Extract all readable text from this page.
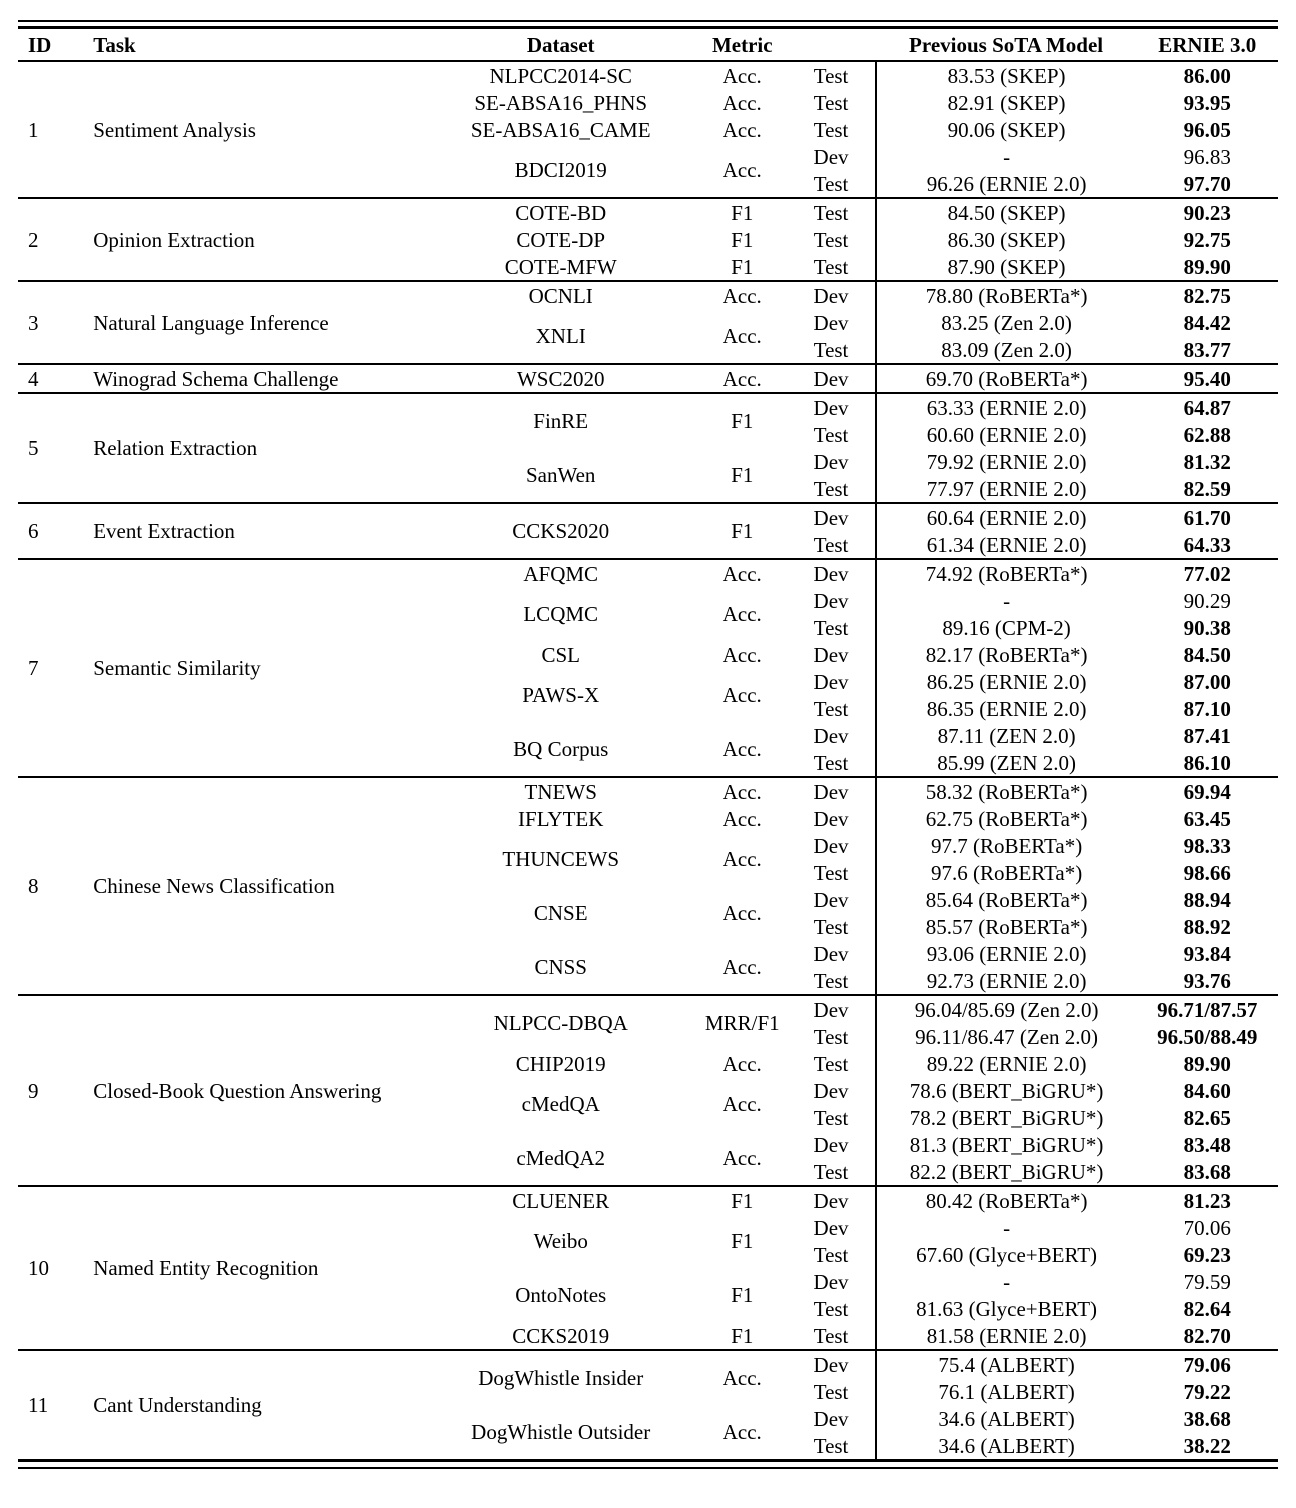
ID	Task	Dataset	Metric		Previous SoTA Model	ERNIE 3.0
1	Sentiment Analysis	NLPCC2014-SC	Acc.	Test	83.53 (SKEP)	86.00
		SE-ABSA16_PHNS	Acc.	Test	82.91 (SKEP)	93.95
		SE-ABSA16_CAME	Acc.	Test	90.06 (SKEP)	96.05
		BDCI2019	Acc.	Dev	-	96.83
				Test	96.26 (ERNIE 2.0)	97.70
2	Opinion Extraction	COTE-BD	F1	Test	84.50 (SKEP)	90.23
		COTE-DP	F1	Test	86.30 (SKEP)	92.75
		COTE-MFW	F1	Test	87.90 (SKEP)	89.90
3	Natural Language Inference	OCNLI	Acc.	Dev	78.80 (RoBERTa*)	82.75
		XNLI	Acc.	Dev	83.25 (Zen 2.0)	84.42
				Test	83.09 (Zen 2.0)	83.77
4	Winograd Schema Challenge	WSC2020	Acc.	Dev	69.70 (RoBERTa*)	95.40
5	Relation Extraction	FinRE	F1	Dev	63.33 (ERNIE 2.0)	64.87
				Test	60.60 (ERNIE 2.0)	62.88
		SanWen	F1	Dev	79.92 (ERNIE 2.0)	81.32
				Test	77.97 (ERNIE 2.0)	82.59
6	Event Extraction	CCKS2020	F1	Dev	60.64 (ERNIE 2.0)	61.70
				Test	61.34 (ERNIE 2.0)	64.33
7	Semantic Similarity	AFQMC	Acc.	Dev	74.92 (RoBERTa*)	77.02
		LCQMC	Acc.	Dev	-	90.29
				Test	89.16 (CPM-2)	90.38
		CSL	Acc.	Dev	82.17 (RoBERTa*)	84.50
		PAWS-X	Acc.	Dev	86.25 (ERNIE 2.0)	87.00
				Test	86.35 (ERNIE 2.0)	87.10
		BQ Corpus	Acc.	Dev	87.11 (ZEN 2.0)	87.41
				Test	85.99 (ZEN 2.0)	86.10
8	Chinese News Classification	TNEWS	Acc.	Dev	58.32 (RoBERTa*)	69.94
		IFLYTEK	Acc.	Dev	62.75 (RoBERTa*)	63.45
		THUNCEWS	Acc.	Dev	97.7 (RoBERTa*)	98.33
				Test	97.6 (RoBERTa*)	98.66
		CNSE	Acc.	Dev	85.64 (RoBERTa*)	88.94
				Test	85.57 (RoBERTa*)	88.92
		CNSS	Acc.	Dev	93.06 (ERNIE 2.0)	93.84
				Test	92.73 (ERNIE 2.0)	93.76
9	Closed-Book Question Answering	NLPCC-DBQA	MRR/F1	Dev	96.04/85.69 (Zen 2.0)	96.71/87.57
				Test	96.11/86.47 (Zen 2.0)	96.50/88.49
		CHIP2019	Acc.	Test	89.22 (ERNIE 2.0)	89.90
		cMedQA	Acc.	Dev	78.6 (BERT_BiGRU*)	84.60
				Test	78.2 (BERT_BiGRU*)	82.65
		cMedQA2	Acc.	Dev	81.3 (BERT_BiGRU*)	83.48
				Test	82.2 (BERT_BiGRU*)	83.68
10	Named Entity Recognition	CLUENER	F1	Dev	80.42 (RoBERTa*)	81.23
		Weibo	F1	Dev	-	70.06
				Test	67.60 (Glyce+BERT)	69.23
		OntoNotes	F1	Dev	-	79.59
				Test	81.63 (Glyce+BERT)	82.64
		CCKS2019	F1	Test	81.58 (ERNIE 2.0)	82.70
11	Cant Understanding	DogWhistle Insider	Acc.	Dev	75.4 (ALBERT)	79.06
				Test	76.1 (ALBERT)	79.22
		DogWhistle Outsider	Acc.	Dev	34.6 (ALBERT)	38.68
				Test	34.6 (ALBERT)	38.22
